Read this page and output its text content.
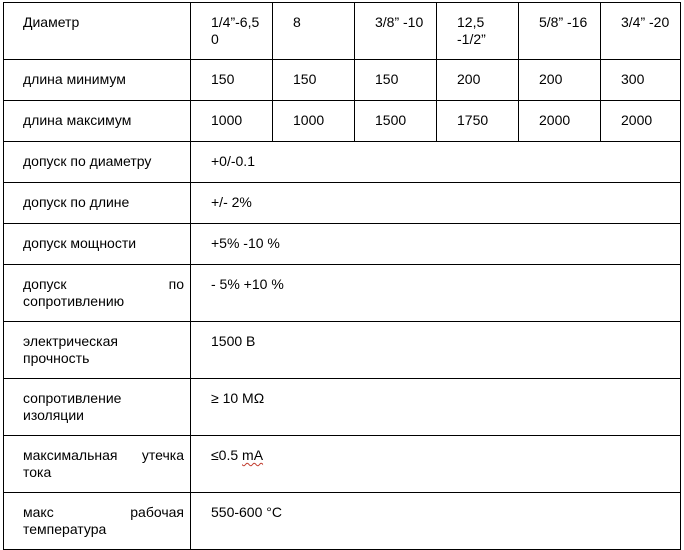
Диаметр	1/4”-6,50	8	3/8” -10	12,5 -1/2”	5/8” -16	3/4” -20
длина минимум	150	150	150	200	200	300
длина максимум	1000	1000	1500	1750	2000	2000
допуск по диаметру	+0/-0.1					
допуск по длине	+/- 2%					
допуск мощности	+5% -10 %					
допуск по сопротивлению	- 5% +10 %					
электрическая прочность	1500 В					
сопротивление изоляции	≥ 10 MΩ					
максимальная утечка тока	≤0.5 mA					
макс рабочая температура	550-600 °C					
